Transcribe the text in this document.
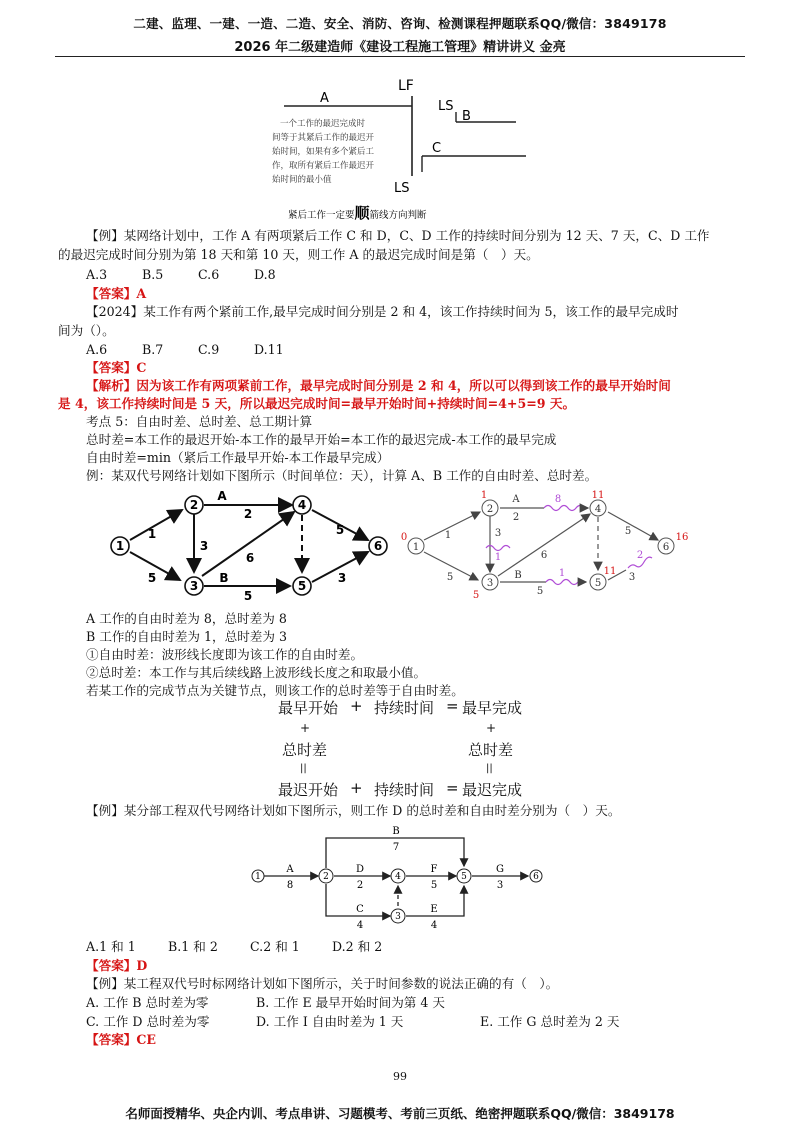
二建、监理、一建、一造、二造、安全、消防、咨询、检测课程押题联系QQ/微信：3849178
2026 年二级建造师《建设工程施工管理》精讲讲义 金亮
LF
A
LS
B
C
LS
一个工作的最迟完成时
间等于其紧后工作的最迟开
始时间，如果有多个紧后工
作，取所有紧后工作最迟开
始时间的最小值
紧后工作一定要顺箭线方向判断
【例】某网络计划中，工作 A 有两项紧后工作 C 和 D，C、D 工作的持续时间分别为 12 天、7 天，C、D 工作
的最迟完成时间分别为第 18 天和第 10 天，则工作 A 的最迟完成时间是第（　）天。
A.3	B.5	C.6	D.8
【答案】A
【2024】某工作有两个紧前工作,最早完成时间分别是 2 和 4，该工作持续时间为 5，该工作的最早完成时
间为（）。
A.6	B.7	C.9	D.11
【答案】C
【解析】因为该工作有两项紧前工作，最早完成时间分别是 2 和 4，所以可以得到该工作的最早开始时间
是 4，该工作持续时间是 5 天，所以最迟完成时间=最早开始时间+持续时间=4+5=9 天。
考点 5：自由时差、总时差、总工期计算
总时差=本工作的最迟开始-本工作的最早开始=本工作的最迟完成-本工作的最早完成
自由时差=min（紧后工作最早开始-本工作最早完成）
例：某双代号网络计划如下图所示（时间单位：天），计算 A、B 工作的自由时差、总时差。
1
2
3
4
5
6
1
5
3
2
A
6
B
5
5
3
1
2
3
4
5
6
1
5
3
2
A
6
B
5
5
3
0
1
5
11
11
16
8
1
1	2
A 工作的自由时差为 8，总时差为 8
B 工作的自由时差为 1，总时差为 3
①自由时差：波形线长度即为该工作的自由时差。
②总时差：本工作与其后续线路上波形线长度之和取最小值。
若某工作的完成节点为关键节点，则该工作的总时差等于自由时差。
最早开始 + 持续时间 = 最早完成
+	+
总时差	总时差
||	||
最迟开始 + 持续时间 = 最迟完成
【例】某分部工程双代号网络计划如下图所示，则工作 D 的总时差和自由时差分别为（　）天。
1	2
3
4	5	6
A
8
B
7
D
2
F
5
G
3
C
4
E
4
A.1 和 1	B.1 和 2	C.2 和 1	D.2 和 2
【答案】D
【例】某工程双代号时标网络计划如下图所示，关于时间参数的说法正确的有（　）。
A. 工作 B 总时差为零	B. 工作 E 最早开始时间为第 4 天
C. 工作 D 总时差为零	D. 工作 I 自由时差为 1 天	E. 工作 G 总时差为 2 天
【答案】CE
99
名师面授精华、央企内训、考点串讲、习题模考、考前三页纸、绝密押题联系QQ/微信：3849178
